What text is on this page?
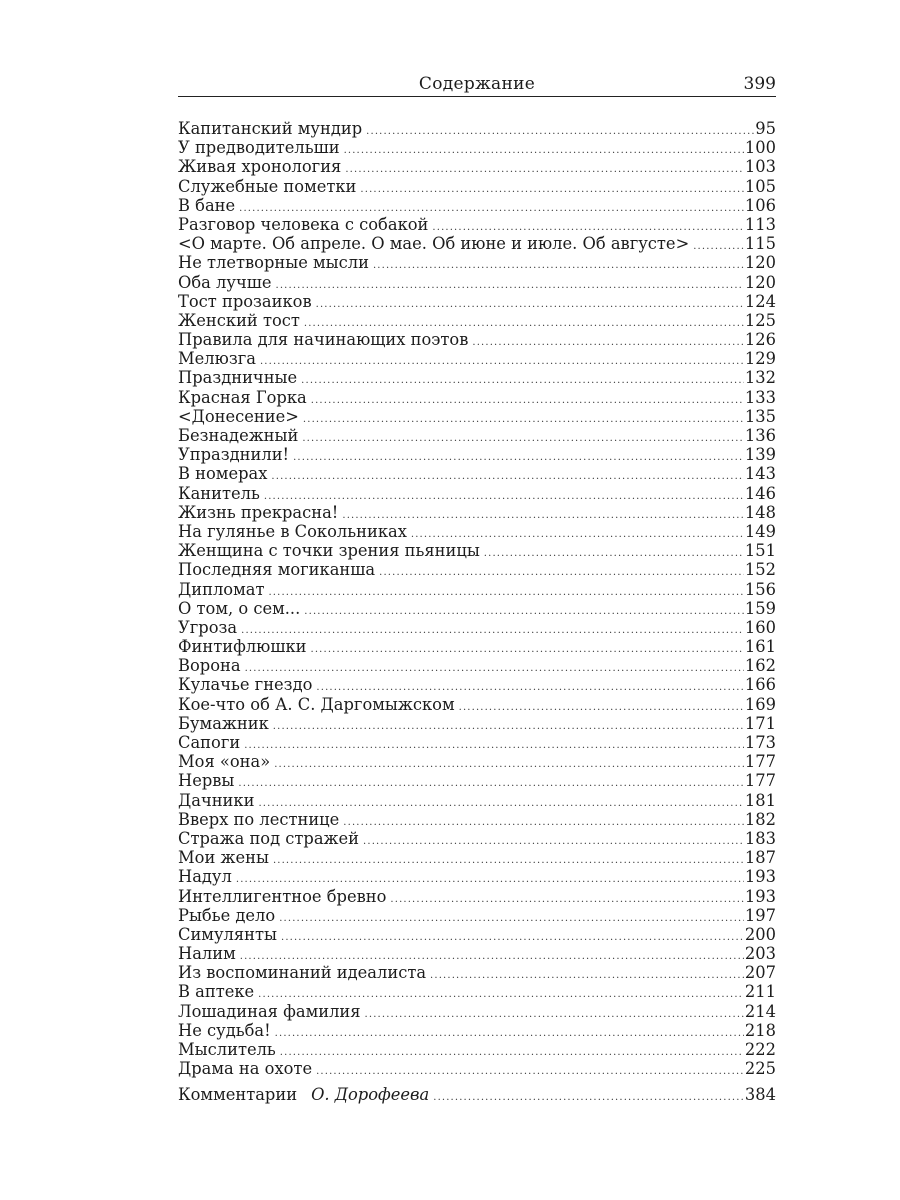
Содержание	399
Капитанский мундир .....	95
У предводительши .....	100
Живая хронология .....	103
Служебные пометки .....	105
В бане .....	106
Разговор человека с собакой .....	113
<О марте. Об апреле. О мае. Об июне и июле. Об августе> .....	115
Не тлетворные мысли .....	120
Оба лучше .....	120
Тост прозаиков .....	124
Женский тост .....	125
Правила для начинающих поэтов .....	126
Мелюзга .....	129
Праздничные .....	132
Красная Горка .....	133
<Донесение> .....	135
Безнадежный .....	136
Упразднили! .....	139
В номерах .....	143
Канитель .....	146
Жизнь прекрасна! .....	148
На гулянье в Сокольниках .....	149
Женщина с точки зрения пьяницы .....	151
Последняя могиканша .....	152
Дипломат .....	156
О том, о сем... .....	159
Угроза .....	160
Финтифлюшки .....	161
Ворона .....	162
Кулачье гнездо .....	166
Кое-что об А. С. Даргомыжском .....	169
Бумажник .....	171
Сапоги .....	173
Моя «она» .....	177
Нервы .....	177
Дачники .....	181
Вверх по лестнице .....	182
Стража под стражей .....	183
Мои жены .....	187
Надул .....	193
Интеллигентное бревно .....	193
Рыбье дело .....	197
Симулянты .....	200
Налим .....	203
Из воспоминаний идеалиста .....	207
В аптеке .....	211
Лошадиная фамилия .....	214
Не судьба! .....	218
Мыслитель .....	222
Драма на охоте .....	225
Комментарии О. Дорофеева .....	384
